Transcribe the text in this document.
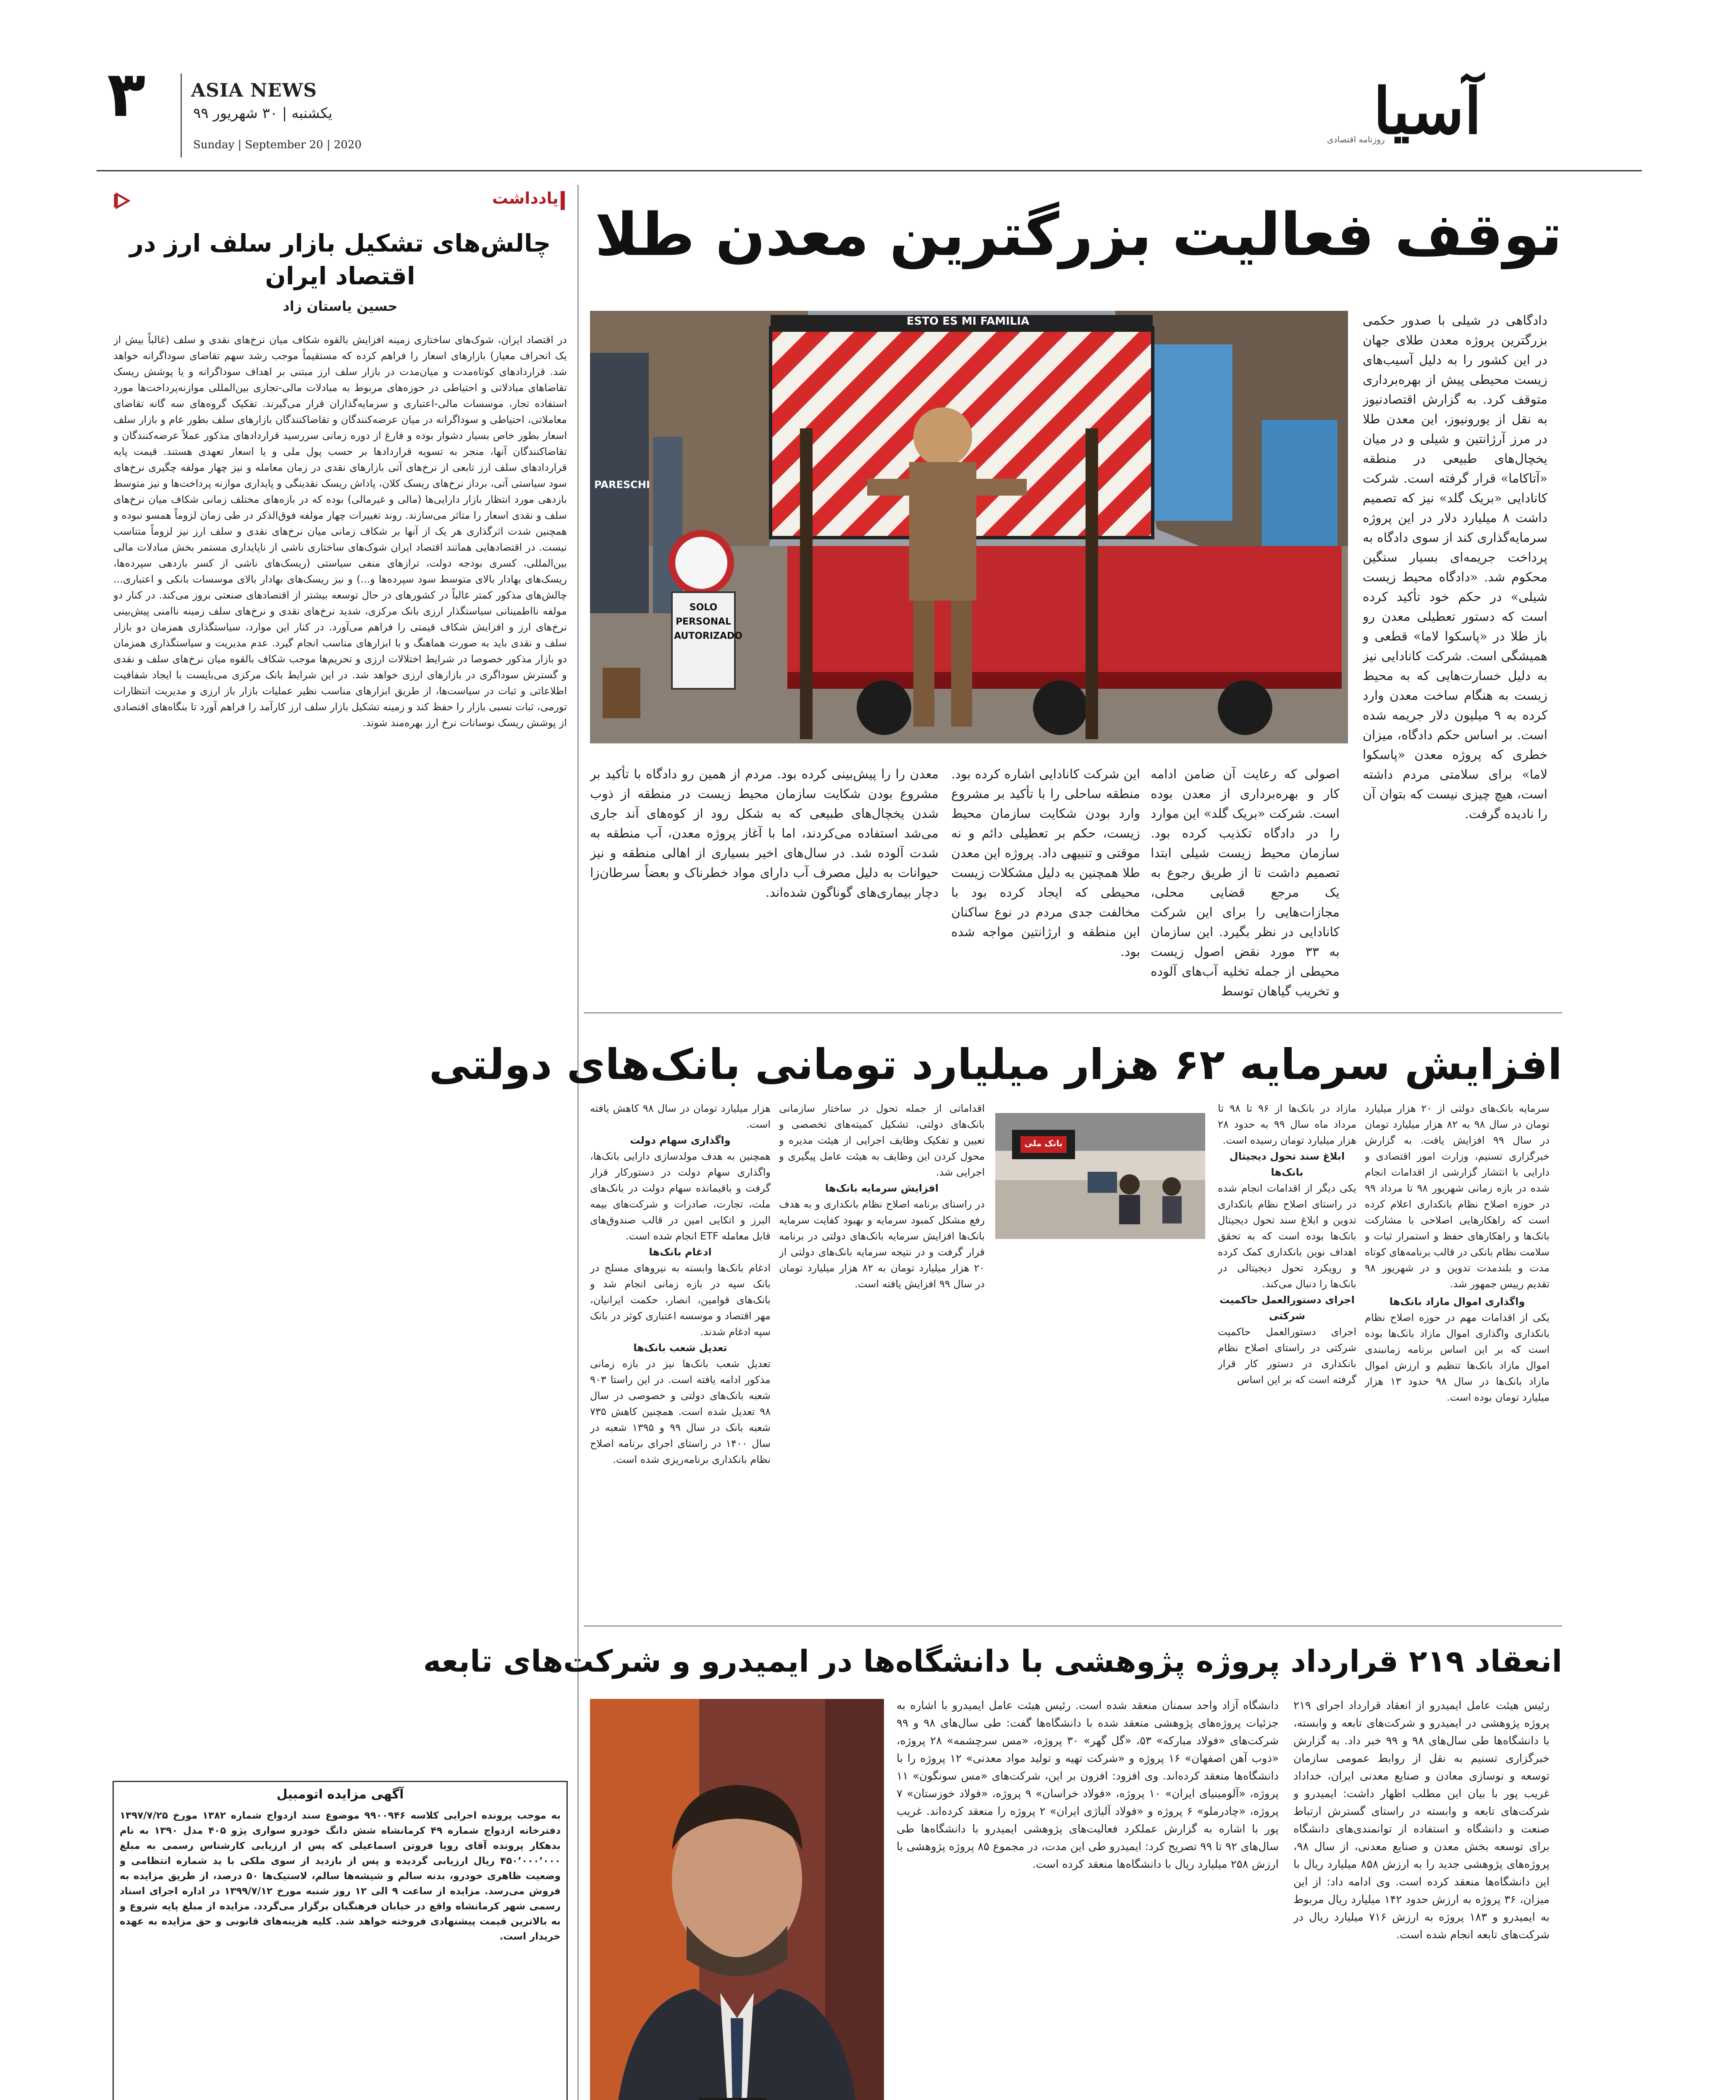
۳ ASIA NEWS
یکشنبه | ۳۰ شهریور ۹۹
Sunday | September 20 | 2020	آسیا
روزنامه اقتصادی
توقف فعالیت بزرگترین معدن طلا
ESTO ES MI FAMILIA
PARESCHI
SOLO PERSONAL AUTORIZADO
دادگاهی در شیلی با صدور حکمی بزرگترین پروژه معدن طلای جهان در این کشور را به دلیل آسیب‌های زیست محیطی پیش از بهره‌برداری متوقف کرد. به گزارش اقتصادنیوز به نقل از یورونیوز، این معدن طلا در مرز آرژانتین و شیلی و در میان یخچال‌های طبیعی در منطقه «آتاکاما» قرار گرفته است. شرکت کانادایی «بریک گلد» نیز که تصمیم داشت ۸ میلیارد دلار در این پروژه سرمایه‌گذاری کند از سوی دادگاه به پرداخت جریمه‌ای بسیار سنگین محکوم شد. «دادگاه محیط زیست شیلی» در حکم خود تأکید کرده است که دستور تعطیلی معدن رو باز طلا در «پاسکوا لاما» قطعی و همیشگی است. شرکت کانادایی نیز به دلیل خسارت‌هایی که به محیط زیست به هنگام ساخت معدن وارد کرده به ۹ میلیون دلار جریمه شده است. بر اساس حکم دادگاه، میزان خطری که پروژه معدن «پاسکوا لاما» برای سلامتی مردم داشته است، هیچ چیزی نیست که بتوان آن را نادیده گرفت.
اصولی که رعایت آن ضامن ادامه کار و بهره‌برداری از معدن بوده است. شرکت «بریک گلد» این موارد را در دادگاه تکذیب کرده بود. سازمان محیط زیست شیلی ابتدا تصمیم داشت تا از طریق رجوع به یک مرجع قضایی محلی، مجازات‌هایی را برای این شرکت کانادایی در نظر بگیرد. این سازمان به ۳۳ مورد نقض اصول زیست محیطی از جمله تخلیه آب‌های آلوده و تخریب گیاهان توسط
این شرکت کانادایی اشاره کرده بود. منطقه ساحلی را با تأکید بر مشروع وارد بودن شکایت سازمان محیط زیست، حکم بر تعطیلی دائم و نه موقتی و تنبیهی داد. پروژه این معدن طلا همچنین به دلیل مشکلات زیست محیطی که ایجاد کرده بود با مخالفت جدی مردم در نوع ساکنان این منطقه و ارژانتین مواجه شده بود.
معدن را را پیش‌بینی کرده بود. مردم از همین رو دادگاه با تأکید بر مشروع بودن شکایت سازمان محیط زیست در منطقه از ذوب شدن یخچال‌های طبیعی که به شکل رود از کوه‌های آند جاری می‌شد استفاده می‌کردند، اما با آغاز پروژه معدن، آب منطقه به شدت آلوده شد. در سال‌های اخیر بسیاری از اهالی منطقه و نیز حیوانات به دلیل مصرف آب دارای مواد خطرناک و بعضاً سرطان‌زا دچار بیماری‌های گوناگون شده‌اند.
یادداشت
چالش‌های تشکیل بازار سلف ارز در اقتصاد ایران
حسین یاستان زاد
در اقتصاد ایران، شوک‌های ساختاری زمینه افزایش بالقوه شکاف میان نرخ‌های نقدی و سلف (غالباً بیش از یک انحراف معیار) بازارهای اسعار را فراهم کرده که مستقیماً موجب رشد سهم تقاضای سوداگرانه خواهد شد. قراردادهای کوتاه‌مدت و میان‌مدت در بازار سلف ارز مبتنی بر اهداف سوداگرانه و یا پوشش ریسک تقاضاهای مبادلاتی و احتیاطی در حوزه‌های مربوط به مبادلات مالی-تجاری بین‌المللی موازنه‌پرداخت‌ها مورد استفاده تجار، موسسات مالی-اعتباری و سرمایه‌گذاران قرار می‌گیرند. تفکیک گروه‌های سه گانه تقاضای معاملاتی، احتیاطی و سوداگرانه در میان عرضه‌کنندگان و تقاضاکنندگان بازارهای سلف بطور عام و بازار سلف اسعار بطور خاص بسیار دشوار بوده و فارغ از دوره زمانی سررسید قراردادهای مذکور عملاً عرضه‌کنندگان و تقاضاکنندگان آنها، منجر به تسویه قراردادها بر حسب پول ملی و یا اسعار تعهدی هستند. قیمت پایه قراردادهای سلف ارز تابعی از نرخ‌های آتی بازارهای نقدی در زمان معامله و نیز چهار مولفه چگیری نرخ‌های سود سیاستی آتی، برداز نرخ‌های ریسک کلان، پاداش ریسک نقدینگی و پایداری موازنه پرداخت‌ها و نیز متوسط بازدهی مورد انتظار بازار دارایی‌ها (مالی و غیرمالی) بوده که در بازه‌های مختلف زمانی شکاف میان نرخ‌های سلف و نقدی اسعار را متاثر می‌سازند. روند تغییرات چهار مولفه فوق‌الذکر در طی زمان لزوماً همسو نبوده و همچنین شدت اثرگذاری هر یک از آنها بر شکاف زمانی میان نرخ‌های نقدی و سلف ارز نیز لزوماً متناسب نیست. در اقتصادهایی همانند اقتصاد ایران شوک‌های ساختاری ناشی از ناپایداری مستمر بخش مبادلات مالی بین‌المللی، کسری بودجه دولت، ترازهای منفی سیاستی (ریسک‌های ناشی از کسر بازدهی سپرده‌ها، ریسک‌های بهادار بالای متوسط سود سپرده‌ها و...) و نیز ریسک‌های بهادار بالای موسسات بانکی و اعتباری... چالش‌های مذکور کمتر غالباً در کشورهای در حال توسعه بیشتر از اقتصادهای صنعتی بروز می‌کند. در کنار دو مولفه نااطمینانی سیاستگذار ارزی بانک مرکزی، شدید نرخ‌های نقدی و نرخ‌های سلف زمینه ناامنی پیش‌بینی نرخ‌های ارز و افزایش شکاف قیمتی را فراهم می‌آورد. در کنار این موارد، سیاستگذاری همزمان دو بازار سلف و نقدی باید به صورت هماهنگ و با ابزارهای مناسب انجام گیرد. عدم مدیریت و سیاستگذاری همزمان دو بازار مذکور خصوصا در شرایط اختلالات ارزی و تحریم‌ها موجب شکاف بالقوه میان نرخ‌های سلف و نقدی و گسترش سوداگری در بازارهای ارزی خواهد شد. در این شرایط بانک مرکزی می‌بایست با ایجاد شفافیت اطلاعاتی و ثبات در سیاست‌ها، از طریق ابزارهای مناسب نظیر عملیات بازار باز ارزی و مدیریت انتظارات تورمی، ثبات نسبی بازار را حفظ کند و زمینه تشکیل بازار سلف ارز کارآمد را فراهم آورد تا بنگاه‌های اقتصادی از پوشش ریسک نوسانات نرخ ارز بهره‌مند شوند.
آگهی مزایده اتومبیل
به موجب پرونده اجرایی کلاسه ۹۹۰۰۹۴۶ موضوع سند ازدواج شماره ۱۳۸۲ مورخ ۱۳۹۷/۷/۲۵ دفترخانه ازدواج شماره ۴۹ کرمانشاه شش دانگ خودرو سواری پژو ۴۰۵ مدل ۱۳۹۰ به نام بدهکار پرونده آقای رویا فروتن اسماعیلی که پس از ارزیابی کارشناس رسمی به مبلغ ۴۵۰٬۰۰۰٬۰۰۰ ریال ارزیابی گردیده و پس از بازدید از سوی ملکی با ید شماره انتظامی و وضعیت ظاهری خودرو، بدنه سالم و شیشه‌ها سالم، لاستیک‌ها ۵۰ درصد، از طریق مزایده به فروش می‌رسد. مزایده از ساعت ۹ الی ۱۲ روز شنبه مورخ ۱۳۹۹/۷/۱۲ در اداره اجرای اسناد رسمی شهر کرمانشاه واقع در خیابان فرهنگیان برگزار می‌گردد. مزایده از مبلغ پایه شروع و به بالاترین قیمت پیشنهادی فروخته خواهد شد. کلیه هزینه‌های قانونی و حق مزایده به عهده خریدار است.
افزایش سرمایه ۶۲ هزار میلیارد تومانی بانک‌های دولتی
بانک ملی
سرمایه بانک‌های دولتی از ۲۰ هزار میلیارد تومان در سال ۹۸ به ۸۲ هزار میلیارد تومان در سال ۹۹ افزایش یافت. به گزارش خبرگزاری تسنیم، وزارت امور اقتصادی و دارایی با انتشار گزارشی از اقدامات انجام شده در بازه زمانی شهریور ۹۸ تا مرداد ۹۹ در حوزه اصلاح نظام بانکداری اعلام کرده است که راهکارهایی اصلاحی با مشارکت بانک‌ها و راهکارهای حفظ و استمرار ثبات و سلامت نظام بانکی در قالب برنامه‌های کوتاه مدت و بلندمدت تدوین و در شهریور ۹۸ تقدیم رییس جمهور شد.
واگذاری اموال مازاد بانک‌ها
یکی از اقدامات مهم در حوزه اصلاح نظام بانکداری واگذاری اموال مازاد بانک‌ها بوده است که بر این اساس برنامه زمانبندی اموال مازاد بانک‌ها تنظیم و ارزش اموال مازاد بانک‌ها در سال ۹۸ حدود ۱۳ هزار میلیارد تومان بوده است.
مازاد در بانک‌ها از ۹۶ تا ۹۸ تا مرداد ماه سال ۹۹ به حدود ۲۸ هزار میلیارد تومان رسیده است.
ابلاغ سند تحول دیجیتال بانک‌ها
یکی دیگر از اقدامات انجام شده در راستای اصلاح نظام بانکداری تدوین و ابلاغ سند تحول دیجیتال بانک‌ها بوده است که به تحقق اهداف نوین بانکداری کمک کرده و رویکرد تحول دیجیتالی در بانک‌ها را دنبال می‌کند.
اجرای دستورالعمل حاکمیت شرکتی
اجرای دستورالعمل حاکمیت شرکتی در راستای اصلاح نظام بانکداری در دستور کار قرار گرفته است که بر این اساس
اقداماتی از جمله تحول در ساختار سازمانی بانک‌های دولتی، تشکیل کمیته‌های تخصصی و تعیین و تفکیک وظایف اجرایی از هیئت مدیره و محول کردن این وظایف به هیئت عامل پیگیری و اجرایی شد.
افزایش سرمایه بانک‌ها
در راستای برنامه اصلاح نظام بانکداری و به هدف رفع مشکل کمبود سرمایه و بهبود کفایت سرمایه بانک‌ها افزایش سرمایه بانک‌های دولتی در برنامه قرار گرفت و در نتیجه سرمایه بانک‌های دولتی از ۲۰ هزار میلیارد تومان به ۸۲ هزار میلیارد تومان در سال ۹۹ افزایش یافته است.
هزار میلیارد تومان در سال ۹۸ کاهش یافته است.
واگذاری سهام دولت
همچنین به هدف مولدسازی دارایی بانک‌ها، واگذاری سهام دولت در دستورکار قرار گرفت و باقیمانده سهام دولت در بانک‌های ملت، تجارت، صادرات و شرکت‌های بیمه البرز و اتکایی امین در قالب صندوق‌های قابل معامله ETF انجام شده است.
ادغام بانک‌ها
ادغام بانک‌ها وابسته به نیروهای مسلح در بانک سپه در بازه زمانی انجام شد و بانک‌های قوامین، انصار، حکمت ایرانیان، مهر اقتصاد و موسسه اعتباری کوثر در بانک سپه ادغام شدند.
تعدیل شعب بانک‌ها
تعدیل شعب بانک‌ها نیز در بازه زمانی مذکور ادامه یافته است. در این راستا ۹۰۳ شعبه بانک‌های دولتی و خصوصی در سال ۹۸ تعدیل شده است. همچنین کاهش ۷۳۵ شعبه بانک در سال ۹۹ و ۱۳۹۵ شعبه در سال ۱۴۰۰ در راستای اجرای برنامه اصلاح نظام بانکداری برنامه‌ریزی شده است.
انعقاد ۲۱۹ قرارداد پروژه پژوهشی با دانشگاه‌ها در ایمیدرو و شرکت‌های تابعه
رئیس هیئت عامل ایمیدرو از انعقاد قرارداد اجرای ۲۱۹ پروژه پژوهشی در ایمیدرو و شرکت‌های تابعه و وابسته، با دانشگاه‌ها طی سال‌های ۹۸ و ۹۹ خبر داد. به گزارش خبرگزاری تسنیم به نقل از روابط عمومی سازمان توسعه و نوسازی معادن و صنایع معدنی ایران، خداداد غریب پور با بیان این مطلب اظهار داشت: ایمیدرو و شرکت‌های تابعه و وابسته در راستای گسترش ارتباط صنعت و دانشگاه و استفاده از توانمندی‌های دانشگاه برای توسعه بخش معدن و صنایع معدنی، از سال ۹۸، پروژه‌های پژوهشی جدید را به ارزش ۸۵۸ میلیارد ریال با این دانشگاه‌ها منعقد کرده است. وی ادامه داد: از این میزان، ۳۶ پروژه به ارزش حدود ۱۴۲ میلیارد ریال مربوط به ایمیدرو و ۱۸۳ پروژه به ارزش ۷۱۶ میلیارد ریال در شرکت‌های تابعه انجام شده است.
دانشگاه آزاد واحد سمنان منعقد شده است. رئیس هیئت عامل ایمیدرو با اشاره به جزئیات پروژه‌های پژوهشی منعقد شده با دانشگاه‌ها گفت: طی سال‌های ۹۸ و ۹۹ شرکت‌های «فولاد مبارکه» ۵۳، «گل گهر» ۳۰ پروژه، «مس سرچشمه» ۲۸ پروژه، «ذوب آهن اصفهان» ۱۶ پروژه و «شرکت تهیه و تولید مواد معدنی» ۱۲ پروژه را با دانشگاه‌ها منعقد کرده‌اند. وی افزود: افزون بر این، شرکت‌های «مس سونگون» ۱۱ پروژه، «آلومینیای ایران» ۱۰ پروژه، «فولاد خراسان» ۹ پروژه، «فولاد خوزستان» ۷ پروژه، «چادرملو» ۶ پروژه و «فولاد آلیاژی ایران» ۲ پروژه را منعقد کرده‌اند. غریب پور با اشاره به گزارش عملکرد فعالیت‌های پژوهشی ایمیدرو با دانشگاه‌ها طی سال‌های ۹۲ تا ۹۹ تصریح کرد: ایمیدرو طی این مدت، در مجموع ۸۵ پروژه پژوهشی با ارزش ۲۵۸ میلیارد ریال با دانشگاه‌ها منعقد کرده است.
